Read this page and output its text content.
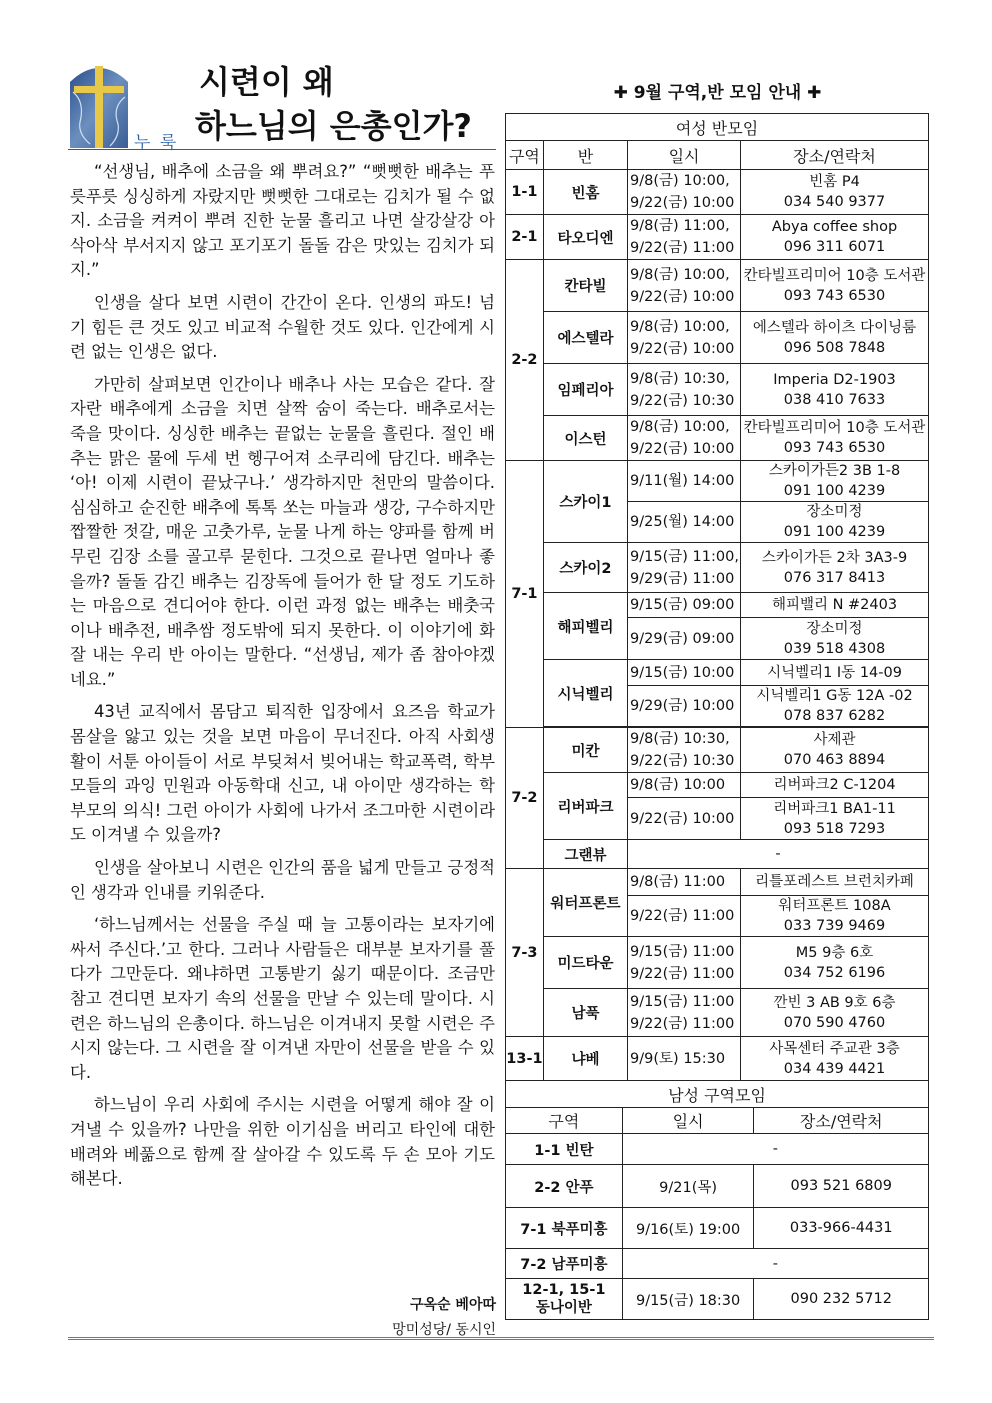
누 룩
시련이 왜
하느님의 은총인가?

“선생님, 배추에 소금을 왜 뿌려요?” “뻣뻣한 배추는 푸릇푸릇 싱싱하게 자랐지만 뻣뻣한 그대로는 김치가 될 수 없지. 소금을 켜켜이 뿌려 진한 눈물 흘리고 나면 살강살강 아삭아삭 부서지지 않고 포기포기 돌돌 감은 맛있는 김치가 되지.”

인생을 살다 보면 시련이 간간이 온다. 인생의 파도! 넘기 힘든 큰 것도 있고 비교적 수월한 것도 있다. 인간에게 시련 없는 인생은 없다.

가만히 살펴보면 인간이나 배추나 사는 모습은 같다. 잘 자란 배추에게 소금을 치면 살짝 숨이 죽는다. 배추로서는 죽을 맛이다. 싱싱한 배추는 끝없는 눈물을 흘린다. 절인 배추는 맑은 물에 두세 번 헹구어져 소쿠리에 담긴다. 배추는 ‘아! 이제 시련이 끝났구나.’ 생각하지만 천만의 말씀이다. 심심하고 순진한 배추에 톡톡 쏘는 마늘과 생강, 구수하지만 짭짤한 젓갈, 매운 고춧가루, 눈물 나게 하는 양파를 함께 버무린 김장 소를 골고루 묻힌다. 그것으로 끝나면 얼마나 좋을까? 돌돌 감긴 배추는 김장독에 들어가 한 달 정도 기도하는 마음으로 견디어야 한다. 이런 과정 없는 배추는 배춧국이나 배추전, 배추쌈 정도밖에 되지 못한다. 이 이야기에 화 잘 내는 우리 반 아이는 말한다. “선생님, 제가 좀 참아야겠네요.”

43년 교직에서 몸담고 퇴직한 입장에서 요즈음 학교가 몸살을 앓고 있는 것을 보면 마음이 무너진다. 아직 사회생활이 서툰 아이들이 서로 부딪쳐서 빚어내는 학교폭력, 학부모들의 과잉 민원과 아동학대 신고, 내 아이만 생각하는 학부모의 의식! 그런 아이가 사회에 나가서 조그마한 시련이라도 이겨낼 수 있을까?

인생을 살아보니 시련은 인간의 품을 넓게 만들고 긍정적인 생각과 인내를 키워준다.

‘하느님께서는 선물을 주실 때 늘 고통이라는 보자기에 싸서 주신다.’고 한다. 그러나 사람들은 대부분 보자기를 풀다가 그만둔다. 왜냐하면 고통받기 싫기 때문이다. 조금만 참고 견디면 보자기 속의 선물을 만날 수 있는데 말이다. 시련은 하느님의 은총이다. 하느님은 이겨내지 못할 시련은 주시지 않는다. 그 시련을 잘 이겨낸 자만이 선물을 받을 수 있다.

하느님이 우리 사회에 주시는 시련을 어떻게 해야 잘 이겨낼 수 있을까? 나만을 위한 이기심을 버리고 타인에 대한 배려와 베풂으로 함께 잘 살아갈 수 있도록 두 손 모아 기도해본다.

구옥순 베아따
망미성당/ 동시인
✚ 9월 구역,반 모임 안내 ✚
여성 반모임			
구역	반	일시	장소/연락처
1-1	빈홈	9/8(금) 10:00,
9/22(금) 10:00	빈홈 P4
034 540 9377
2-1	타오디엔	9/8(금) 11:00,
9/22(금) 11:00	Abya coffee shop
096 311 6071
2-2	칸타빌	9/8(금) 10:00,
9/22(금) 10:00	칸타빌프리미어 10층 도서관
093 743 6530
	에스텔라	9/8(금) 10:00,
9/22(금) 10:00	에스텔라 하이츠 다이닝룸
096 508 7848
	임페리아	9/8(금) 10:30,
9/22(금) 10:30	Imperia D2-1903
038 410 7633
	이스턴	9/8(금) 10:00,
9/22(금) 10:00	칸타빌프리미어 10층 도서관
093 743 6530
7-1	스카이1	9/11(월) 14:00	스카이가든2 3B 1-8
091 100 4239
		9/25(월) 14:00	장소미정
091 100 4239
	스카이2	9/15(금) 11:00,
9/29(금) 11:00	스카이가든 2차 3A3-9
076 317 8413
	해피벨리	9/15(금) 09:00	해피밸리 N #2403
		9/29(금) 09:00	장소미정
039 518 4308
	시닉벨리	9/15(금) 10:00	시닉벨리1 I동 14-09
		9/29(금) 10:00	시닉벨리1 G동 12A -02
078 837 6282

7-2	미칸	9/8(금) 10:30,
9/22(금) 10:30	사제관
070 463 8894
	리버파크	9/8(금) 10:00	리버파크2 C-1204
		9/22(금) 10:00	리버파크1 BA1-11
093 518 7293
	그랜뷰	-	
7-3	워터프론트	9/8(금) 11:00	리틀포레스트 브런치카페
		9/22(금) 11:00	워터프론트 108A
033 739 9469
	미드타운	9/15(금) 11:00
9/22(금) 11:00	M5 9층 6호
034 752 6196
	남푹	9/15(금) 11:00
9/22(금) 11:00	깐빈 3 AB 9호 6층
070 590 4760
13-1	냐베	9/9(토) 15:30	사목센터 주교관 3층
034 439 4421
남성 구역모임		
구역	일시	장소/연락처
1-1 빈탄	-	
2-2 안푸	9/21(목)	093 521 6809
7-1 북푸미흥	9/16(토) 19:00	033-966-4431
7-2 남푸미흥	-	
12-1, 15-1 동나이반	9/15(금) 18:30	090 232 5712
